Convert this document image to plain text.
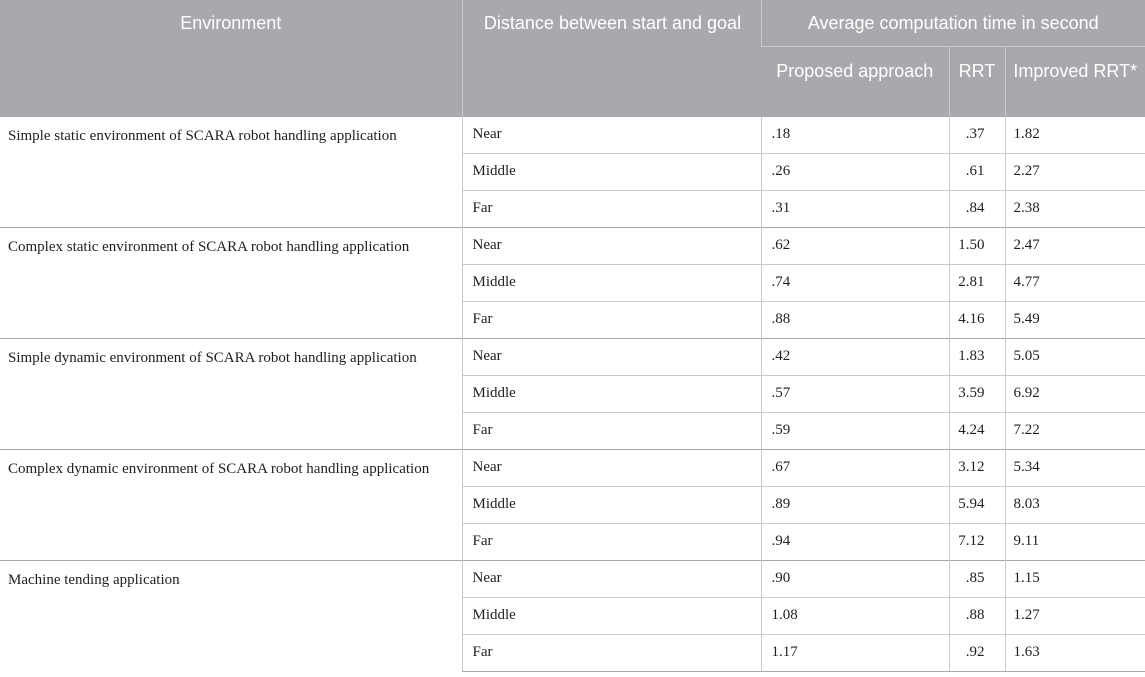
Environment	Distance between start and goal	Average computation time in second		
		Proposed approach	RRT	Improved RRT*
Simple static environment of SCARA robot handling application	Near	.18	.37	1.82
	Middle	.26	.61	2.27
	Far	.31	.84	2.38
Complex static environment of SCARA robot handling application	Near	.62	1.50	2.47
	Middle	.74	2.81	4.77
	Far	.88	4.16	5.49
Simple dynamic environment of SCARA robot handling application	Near	.42	1.83	5.05
	Middle	.57	3.59	6.92
	Far	.59	4.24	7.22
Complex dynamic environment of SCARA robot handling application	Near	.67	3.12	5.34
	Middle	.89	5.94	8.03
	Far	.94	7.12	9.11
Machine tending application	Near	.90	.85	1.15
	Middle	1.08	.88	1.27
	Far	1.17	.92	1.63
